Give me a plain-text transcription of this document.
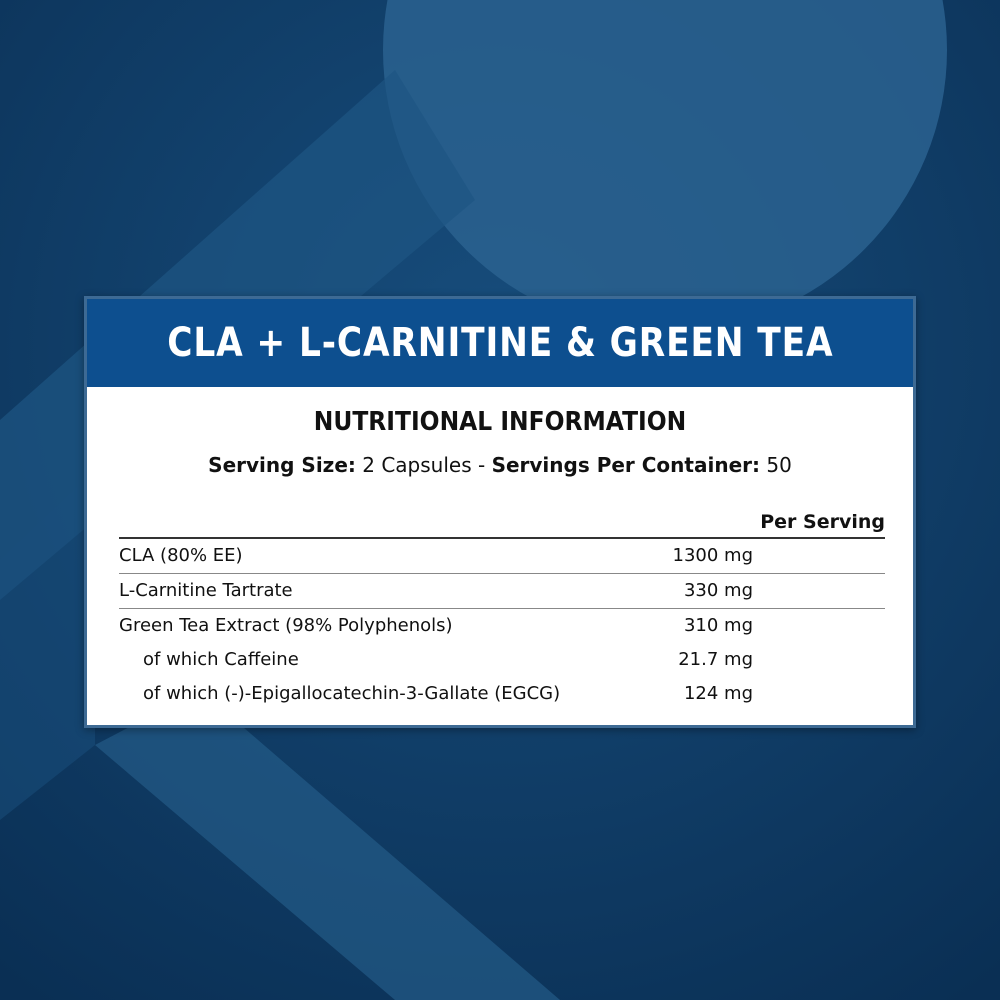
CLA + L-CARNITINE & GREEN TEA
NUTRITIONAL INFORMATION
Serving Size: 2 Capsules - Servings Per Container: 50
Per Serving
CLA (80% EE)	1300 mg
L-Carnitine Tartrate	330 mg
Green Tea Extract (98% Polyphenols)	310 mg
of which Caffeine	21.7 mg
of which (-)-Epigallocatechin-3-Gallate (EGCG)	124 mg
